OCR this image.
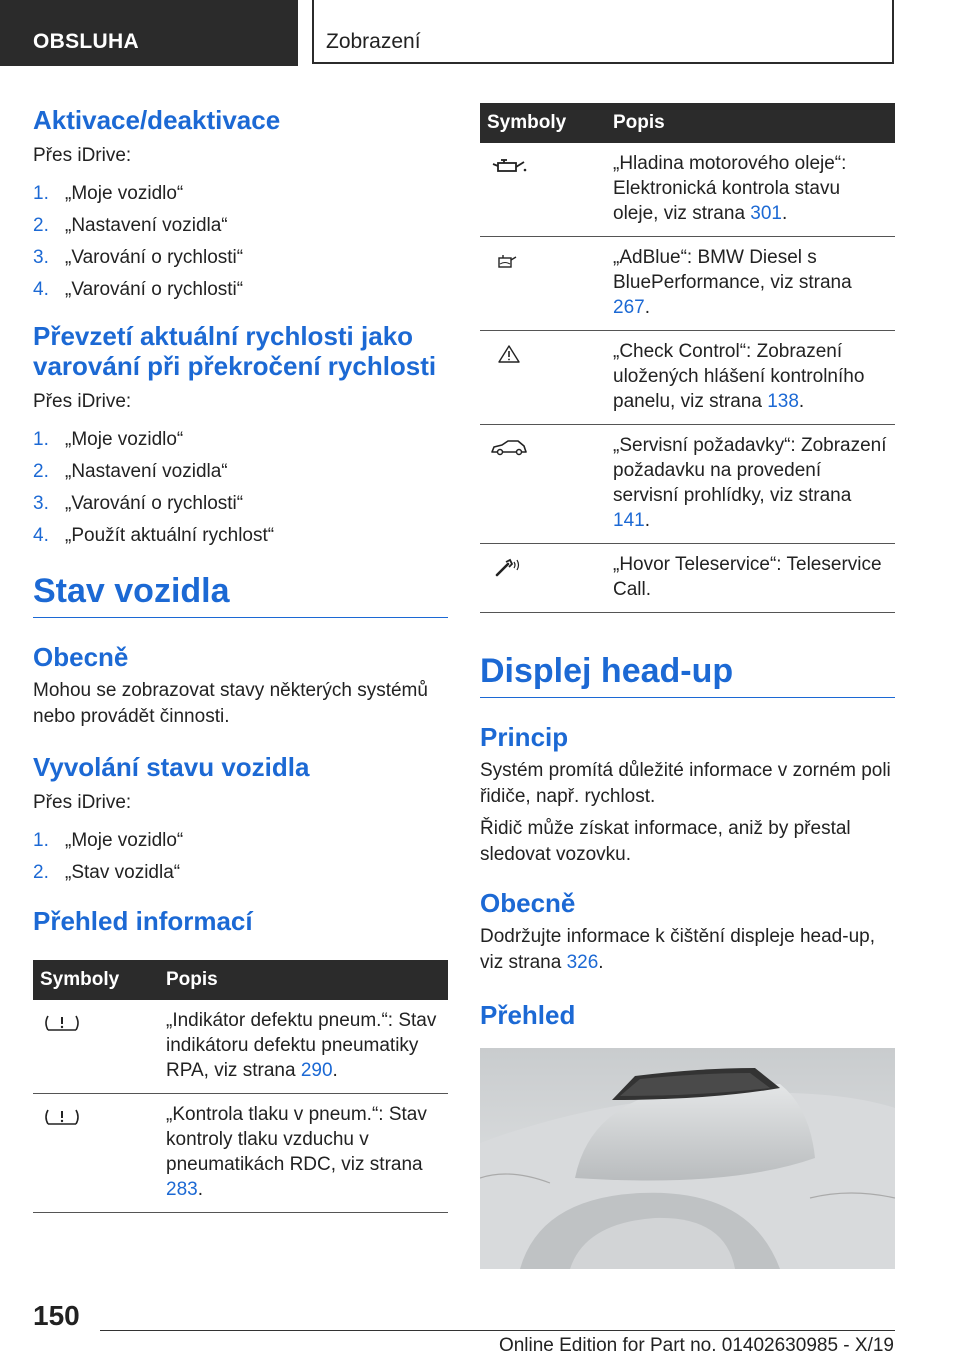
OBSLUHA	Zobrazení
Aktivace/deaktivace

Přes iDrive:

1. „Moje vozidlo“
2. „Nastavení vozidla“
3. „Varování o rychlosti“
4. „Varování o rychlosti“
Převzetí aktuální rychlosti jako varování při překročení rychlosti

Přes iDrive:

1. „Moje vozidlo“
2. „Nastavení vozidla“
3. „Varování o rychlosti“
4. „Použít aktuální rychlost“
Stav vozidla
Obecně

Mohou se zobrazovat stavy některých systémů nebo provádět činnosti.

Vyvolání stavu vozidla

Přes iDrive:

1. „Moje vozidlo“
2. „Stav vozidla“
Přehled informací
Symboly	Popis
	„Indikátor defektu pneum.“: Stav indikátoru defektu pneumatiky RPA, viz strana 290.
	„Kontrola tlaku v pneum.“: Stav kontroly tlaku vzduchu v pneumatikách RDC, viz strana 283.
Symboly	Popis
	„Hladina motorového oleje“: Elektronická kontrola stavu oleje, viz strana 301.
	„AdBlue“: BMW Diesel s BluePerformance, viz strana 267.
	„Check Control“: Zobrazení uložených hlášení kontrolního panelu, viz strana 138.
	„Servisní požadavky“: Zobrazení požadavku na provedení servisní prohlídky, viz strana 141.
	„Hovor Teleservice“: Teleservice Call.
Displej head-up
Princip

Systém promítá důležité informace v zorném poli řidiče, např. rychlost.

Řidič může získat informace, aniž by přestal sledovat vozovku.

Obecně

Dodržujte informace k čištění displeje head-up, viz strana 326.

Přehled
150
Online Edition for Part no. 01402630985 - X/19
